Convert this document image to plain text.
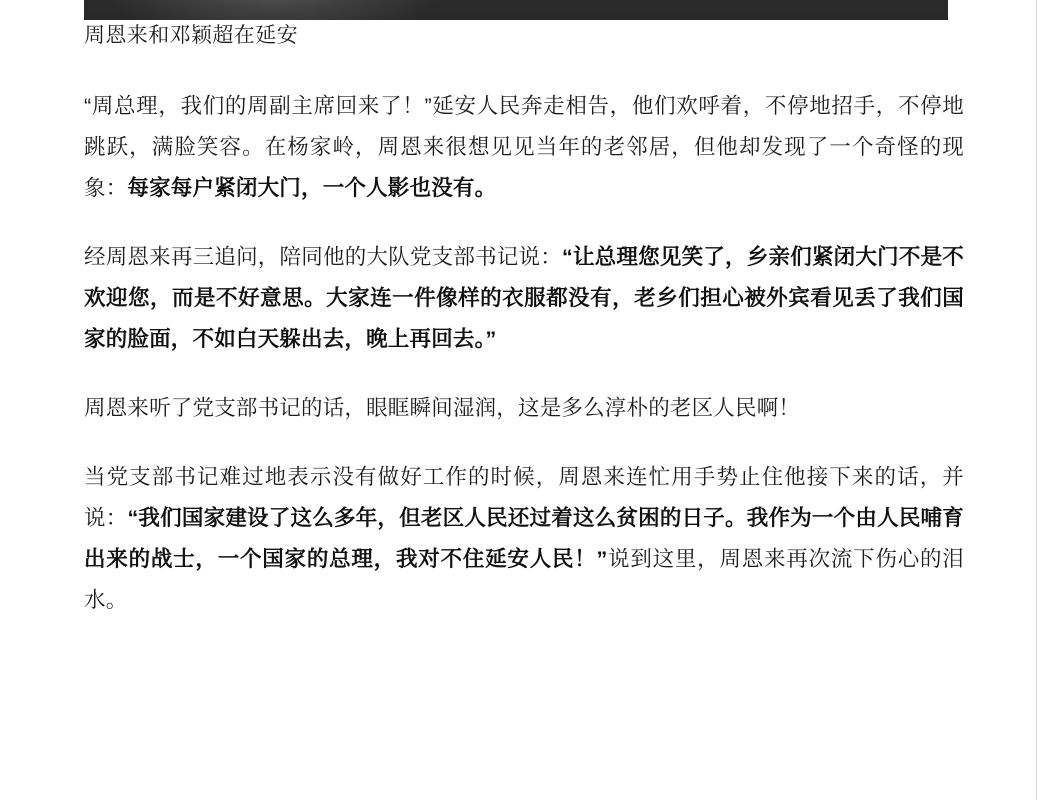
周恩来和邓颖超在延安

“周总理，我们的周副主席回来了！”延安人民奔走相告，他们欢呼着，不停地招手，不停地跳跃，满脸笑容。在杨家岭，周恩来很想见见当年的老邻居，但他却发现了一个奇怪的现象：每家每户紧闭大门，一个人影也没有。

经周恩来再三追问，陪同他的大队党支部书记说：“让总理您见笑了，乡亲们紧闭大门不是不欢迎您，而是不好意思。大家连一件像样的衣服都没有，老乡们担心被外宾看见丢了我们国家的脸面，不如白天躲出去，晚上再回去。”

周恩来听了党支部书记的话，眼眶瞬间湿润，这是多么淳朴的老区人民啊！

当党支部书记难过地表示没有做好工作的时候，周恩来连忙用手势止住他接下来的话，并说：“我们国家建设了这么多年，但老区人民还过着这么贫困的日子。我作为一个由人民哺育出来的战士，一个国家的总理，我对不住延安人民！”说到这里，周恩来再次流下伤心的泪水。
